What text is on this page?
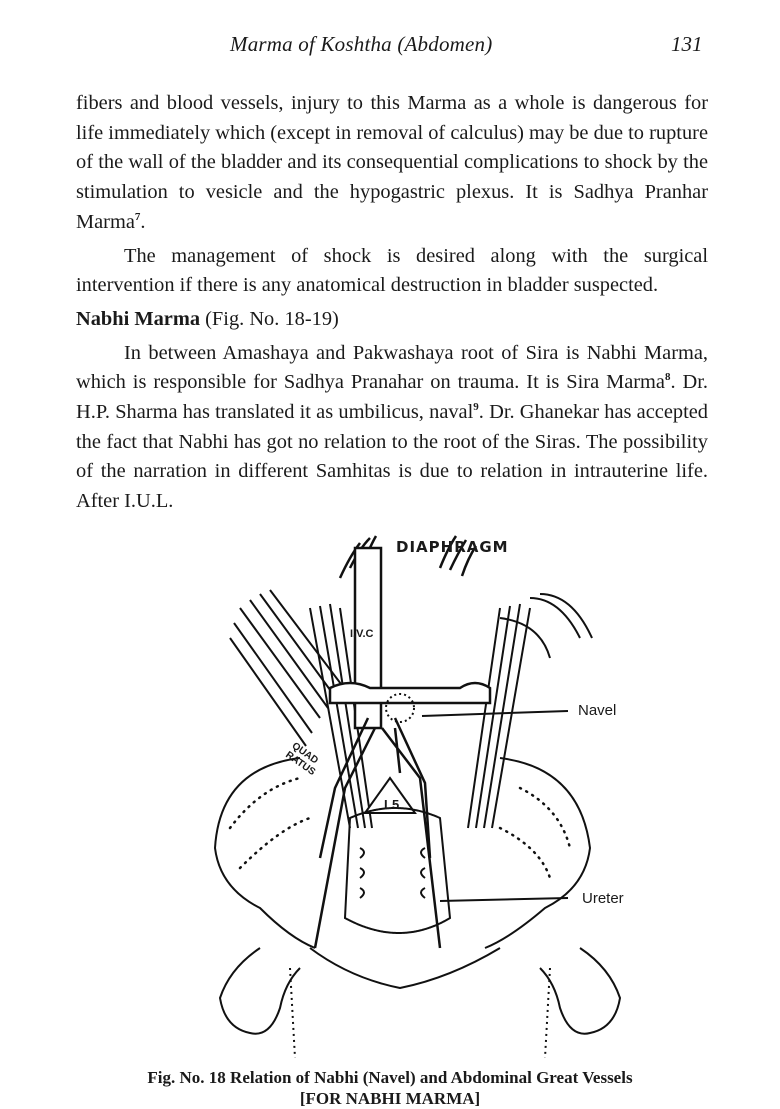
Marma of Koshtha (Abdomen)	131

fibers and blood vessels, injury to this Marma as a whole is dangerous for life immediately which (except in removal of calculus) may be due to rupture of the wall of the bladder and its consequential complications to shock by the stimulation to vesicle and the hypogastric plexus. It is Sadhya Pranhar Marma$^7$.

The management of shock is desired along with the surgical intervention if there is any anatomical destruction in bladder suspected.

Nabhi Marma (Fig. No. 18-19)

In between Amashaya and Pakwashaya root of Sira is Nabhi Marma, which is responsible for Sadhya Pranahar on trauma. It is Sira Marma$^8$. Dr. H.P. Sharma has translated it as umbilicus, naval$^9$. Dr. Ghanekar has accepted the fact that Nabhi has got no relation to the root of the Siras. The possibility of the narration in different Samhitas is due to relation in intrauterine life. After I.U.L.

DIAPHRAGM
I.V.C
QUAD RATUS
L5
Navel
Ureter
Fig. No. 18 Relation of Nabhi (Navel) and Abdominal Great Vessels
[FOR NABHI MARMA]
